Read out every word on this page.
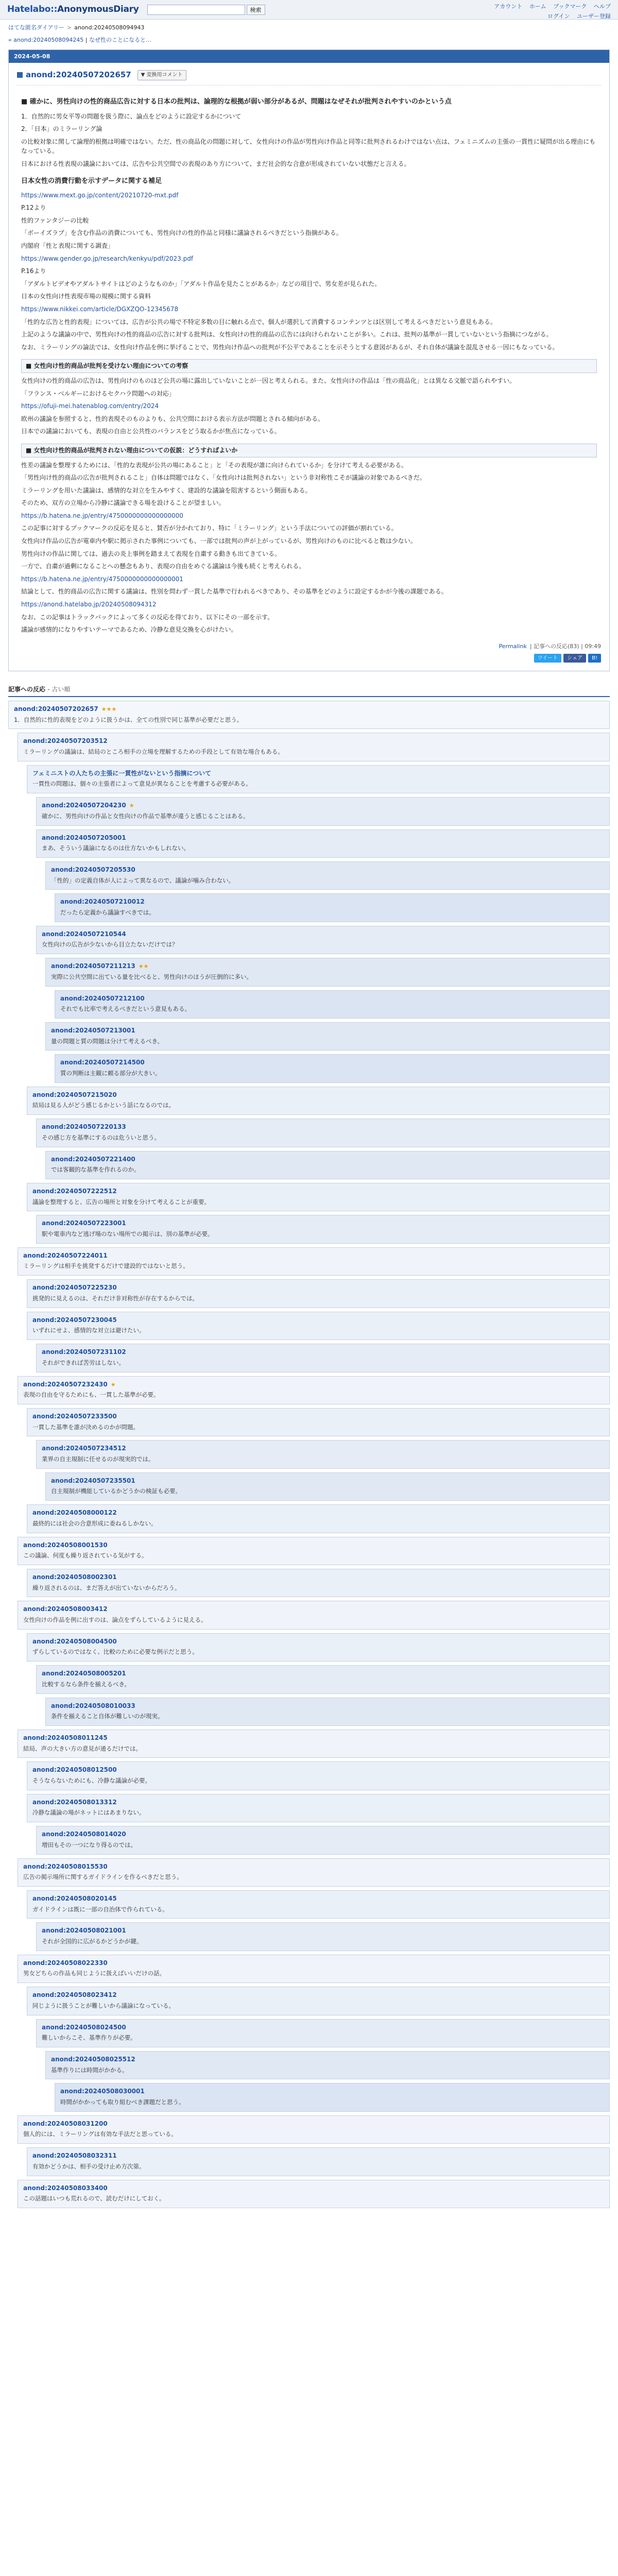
Hatelabo::AnonymousDiary	検索	アカウント ホーム ブックマーク ヘルプ
ログイン ユーザー登録
はてな匿名ダイアリー > anond:20240508094943
« anond:20240508094245 | なぜ性のことになると...
2024-05-08
anond:20240507202657	▼ 変換用コメント

■ 確かに、男性向けの性的商品広告に対する日本の批判は、論理的な根拠が弱い部分があるが、問題はなぜそれが批判されやすいのかという点

1．自然的に男女平等の問題を扱う際に、論点をどのように設定するかについて

2．「日本」のミラーリング論

の比較対象に関して論理的根拠は明確ではない。ただ、性の商品化の問題に対して、女性向けの作品が男性向け作品と同等に批判されるわけではない点は、フェミニズムの主張の一貫性に疑問が出る理由にもなっている。

日本における性表現の議論においては、広告や公共空間での表現のあり方について、まだ社会的な合意が形成されていない状態だと言える。

日本女性の消費行動を示すデータに関する補足

https://www.mext.go.jp/content/20210720-mxt.pdf

P.12より

性的ファンタジーの比較

「ボーイズラブ」を含む作品の消費についても、男性向けの性的作品と同様に議論されるべきだという指摘がある。

内閣府「性と表現に関する調査」

https://www.gender.go.jp/research/kenkyu/pdf/2023.pdf

P.16より

「アダルトビデオやアダルトサイトはどのようなものか」「アダルト作品を見たことがあるか」などの項目で、男女差が見られた。

日本の女性向け性表現市場の規模に関する資料

https://www.nikkei.com/article/DGXZQO-12345678

「性的な広告と性的表現」については、広告が公共の場で不特定多数の目に触れる点で、個人が選択して消費するコンテンツとは区別して考えるべきだという意見もある。

上記のような議論の中で、男性向けの性的商品の広告に対する批判は、女性向けの性的商品の広告には向けられないことが多い。これは、批判の基準が一貫していないという指摘につながる。

なお、ミラーリングの論法では、女性向け作品を例に挙げることで、男性向け作品への批判が不公平であることを示そうとする意図があるが、それ自体が議論を混乱させる一因にもなっている。

■ 女性向け性的商品が批判を受けない理由についての考察

女性向けの性的商品の広告は、男性向けのものほど公共の場に露出していないことが一因と考えられる。また、女性向けの作品は「性の商品化」とは異なる文脈で語られやすい。

「フランス・ベルギーにおけるセクハラ問題への対応」

https://ofuji-mei.hatenablog.com/entry/2024

欧州の議論を参照すると、性的表現そのものよりも、公共空間における表示方法が問題とされる傾向がある。

日本での議論においても、表現の自由と公共性のバランスをどう取るかが焦点になっている。

■ 女性向け性的商品が批判されない理由についての仮説：どうすればよいか

性差の議論を整理するためには、「性的な表現が公共の場にあること」と「その表現が誰に向けられているか」を分けて考える必要がある。

「男性向け性的商品の広告が批判されること」自体は問題ではなく、「女性向けは批判されない」という非対称性こそが議論の対象であるべきだ。

ミラーリングを用いた議論は、感情的な対立を生みやすく、建設的な議論を阻害するという側面もある。

そのため、双方の立場から冷静に議論できる場を設けることが望ましい。

https://b.hatena.ne.jp/entry/4750000000000000000

この記事に対するブックマークの反応を見ると、賛否が分かれており、特に「ミラーリング」という手法についての評価が割れている。

女性向け作品の広告が電車内や駅に掲示された事例についても、一部では批判の声が上がっているが、男性向けのものに比べると数は少ない。

男性向けの作品に関しては、過去の炎上事例を踏まえて表現を自粛する動きも出てきている。

一方で、自粛が過剰になることへの懸念もあり、表現の自由をめぐる議論は今後も続くと考えられる。

https://b.hatena.ne.jp/entry/4750000000000000001

結論として、性的商品の広告に関する議論は、性別を問わず一貫した基準で行われるべきであり、その基準をどのように設定するかが今後の課題である。

https://anond.hatelabo.jp/20240508094312

なお、この記事はトラックバックによって多くの反応を得ており、以下にその一部を示す。

議論が感情的になりやすいテーマであるため、冷静な意見交換を心がけたい。

Permalink | 記事への反応(83) | 09:49
ツイート	シェア	B!
記事への反応 - 古い順
anond:20240507202657 ★★★
1．自然的に性的表現をどのように扱うかは、全ての性別で同じ基準が必要だと思う。
anond:20240507203512
ミラーリングの議論は、結局のところ相手の立場を理解するための手段として有効な場合もある。
フェミニストの人たちの主張に一貫性がないという指摘について
一貫性の問題は、個々の主張者によって意見が異なることを考慮する必要がある。
anond:20240507204230 ★
確かに、男性向けの作品と女性向けの作品で基準が違うと感じることはある。
anond:20240507205001
まあ、そういう議論になるのは仕方ないかもしれない。
anond:20240507205530
「性的」の定義自体が人によって異なるので、議論が噛み合わない。
anond:20240507210012
だったら定義から議論すべきでは。
anond:20240507210544
女性向けの広告が少ないから目立たないだけでは？
anond:20240507211213 ★★
実際に公共空間に出ている量を比べると、男性向けのほうが圧倒的に多い。
anond:20240507212100
それでも比率で考えるべきだという意見もある。
anond:20240507213001
量の問題と質の問題は分けて考えるべき。
anond:20240507214500
質の判断は主観に頼る部分が大きい。
anond:20240507215020
結局は見る人がどう感じるかという話になるのでは。
anond:20240507220133
その感じ方を基準にするのは危ういと思う。
anond:20240507221400
では客観的な基準を作れるのか。
anond:20240507222512
議論を整理すると、広告の場所と対象を分けて考えることが重要。
anond:20240507223001
駅や電車内など逃げ場のない場所での掲示は、別の基準が必要。
anond:20240507224011
ミラーリングは相手を挑発するだけで建設的ではないと思う。
anond:20240507225230
挑発的に見えるのは、それだけ非対称性が存在するからでは。
anond:20240507230045
いずれにせよ、感情的な対立は避けたい。
anond:20240507231102
それができれば苦労はしない。
anond:20240507232430 ★
表現の自由を守るためにも、一貫した基準が必要。
anond:20240507233500
一貫した基準を誰が決めるのかが問題。
anond:20240507234512
業界の自主規制に任せるのが現実的では。
anond:20240507235501
自主規制が機能しているかどうかの検証も必要。
anond:20240508000122
最終的には社会の合意形成に委ねるしかない。
anond:20240508001530
この議論、何度も繰り返されている気がする。
anond:20240508002301
繰り返されるのは、まだ答えが出ていないからだろう。
anond:20240508003412
女性向けの作品を例に出すのは、論点をずらしているように見える。
anond:20240508004500
ずらしているのではなく、比較のために必要な例示だと思う。
anond:20240508005201
比較するなら条件を揃えるべき。
anond:20240508010033
条件を揃えること自体が難しいのが現実。
anond:20240508011245
結局、声の大きい方の意見が通るだけでは。
anond:20240508012500
そうならないためにも、冷静な議論が必要。
anond:20240508013312
冷静な議論の場がネットにはあまりない。
anond:20240508014020
増田もその一つになり得るのでは。
anond:20240508015530
広告の掲示場所に関するガイドラインを作るべきだと思う。
anond:20240508020145
ガイドラインは既に一部の自治体で作られている。
anond:20240508021001
それが全国的に広がるかどうかが鍵。
anond:20240508022330
男女どちらの作品も同じように扱えばいいだけの話。
anond:20240508023412
同じように扱うことが難しいから議論になっている。
anond:20240508024500
難しいからこそ、基準作りが必要。
anond:20240508025512
基準作りには時間がかかる。
anond:20240508030001
時間がかかっても取り組むべき課題だと思う。
anond:20240508031200
個人的には、ミラーリングは有効な手法だと思っている。
anond:20240508032311
有効かどうかは、相手の受け止め方次第。
anond:20240508033400
この話題はいつも荒れるので、読むだけにしておく。
